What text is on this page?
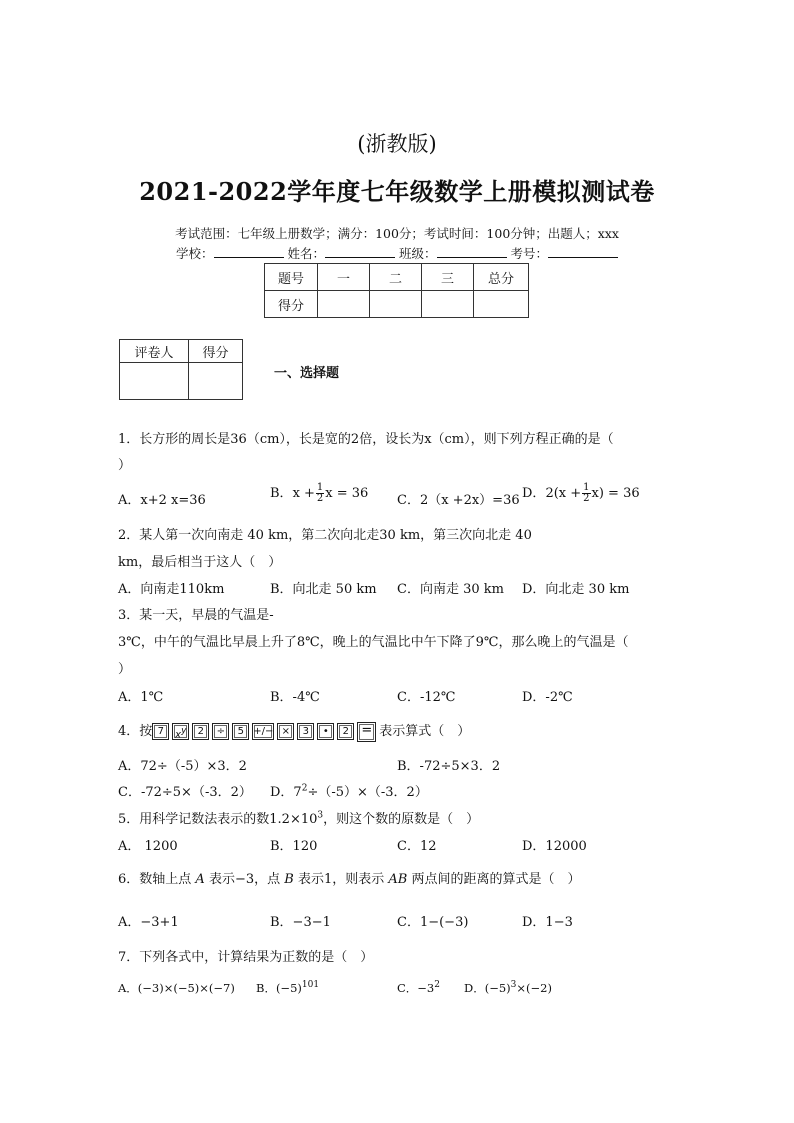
(浙教版)
2021-2022学年度七年级数学上册模拟测试卷
考试范围：七年级上册数学；满分：100分；考试时间：100分钟；出题人；xxx
学校：	姓名：	班级：	考号：
题号	一	二	三	总分
得分				
评卷人	得分

一、选择题
1．长方形的周长是36（cm），长是宽的2倍，设长为x（cm），则下列方程正确的是（
）
A．x+2 x=36	B．$x + \frac{1}{2}$ x = 36 C．2（x +2x）=36 D．$2(x + \frac{1}{2} x) = 36$
2．某人第一次向南走 40 km，第二次向北走30 km，第三次向北走 40
km，最后相当于这人（　）
A．向南走110km	B．向北走 50 km C．向南走 30 km D．向北走 30 km
3．某一天，早晨的气温是-
3℃，中午的气温比早晨上升了8℃，晚上的气温比中午下降了9℃，那么晚上的气温是（
）
A．1℃	B．-4℃	C．-12℃	D．-2℃
4．按 7 $x^y$ 2 ÷ 5 +/− × 3 • 2 = 表示算式（　）
A．72÷（-5）×3．2	B．-72÷5×3．2
C．-72÷5×（-3．2） D．$7^2\div(-5)\times(-3$．2）
5．用科学记数法表示的数$1.2\times 10^3$，则这个数的原数是（　）
A． 1200	B．120	C．12	D．12000
6．数轴上点 A 表示−3，点 B 表示1，则表示 AB 两点间的距离的算式是（　）
A．−3+1	B．−3−1	C．1−(−3)	D．1−3
7．下列各式中，计算结果为正数的是（　）
A．(−3)×(−5)×(−7) B．$(-5)^{101}$	C．$-3^2$ D．$(-5)^3\times(-2)$
